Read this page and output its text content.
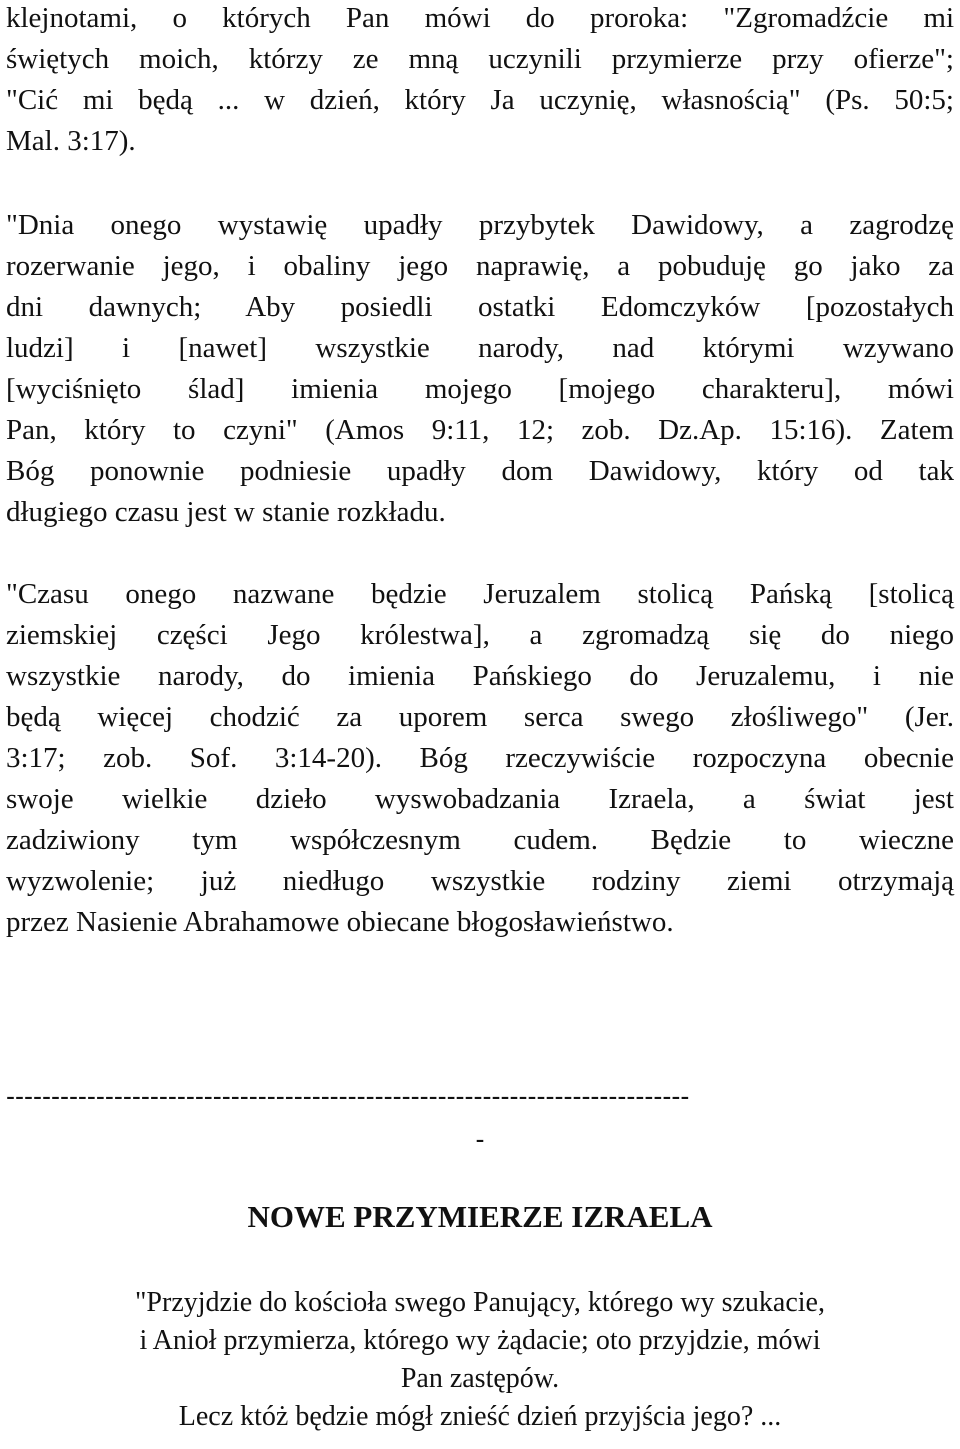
klejnotami, o których Pan mówi do proroka: "Zgromadźcie mi
świętych moich, którzy ze mną uczynili przymierze przy ofierze";
"Cić mi będą ... w dzień, który Ja uczynię, własnością" (Ps. 50:5;
Mal. 3:17).
"Dnia onego wystawię upadły przybytek Dawidowy, a zagrodzę
rozerwanie jego, i obaliny jego naprawię, a pobuduję go jako za
dni dawnych; Aby posiedli ostatki Edomczyków [pozostałych
ludzi] i [nawet] wszystkie narody, nad którymi wzywano
[wyciśnięto ślad] imienia mojego [mojego charakteru], mówi
Pan, który to czyni" (Amos 9:11, 12; zob. Dz.Ap. 15:16). Zatem
Bóg ponownie podniesie upadły dom Dawidowy, który od tak
długiego czasu jest w stanie rozkładu.
"Czasu onego nazwane będzie Jeruzalem stolicą Pańską [stolicą
ziemskiej części Jego królestwa], a zgromadzą się do niego
wszystkie narody, do imienia Pańskiego do Jeruzalemu, i nie
będą więcej chodzić za uporem serca swego złośliwego" (Jer.
3:17; zob. Sof. 3:14-20). Bóg rzeczywiście rozpoczyna obecnie
swoje wielkie dzieło wyswobadzania Izraela, a świat jest
zadziwiony tym współczesnym cudem. Będzie to wieczne
wyzwolenie; już niedługo wszystkie rodziny ziemi otrzymają
przez Nasienie Abrahamowe obiecane błogosławieństwo.
----------------------------------------------------------------------------
-
NOWE PRZYMIERZE IZRAELA
"Przyjdzie do kościoła swego Panujący, którego wy szukacie,
i Anioł przymierza, którego wy żądacie; oto przyjdzie, mówi
Pan zastępów.
Lecz któż będzie mógł znieść dzień przyjścia jego? ...
